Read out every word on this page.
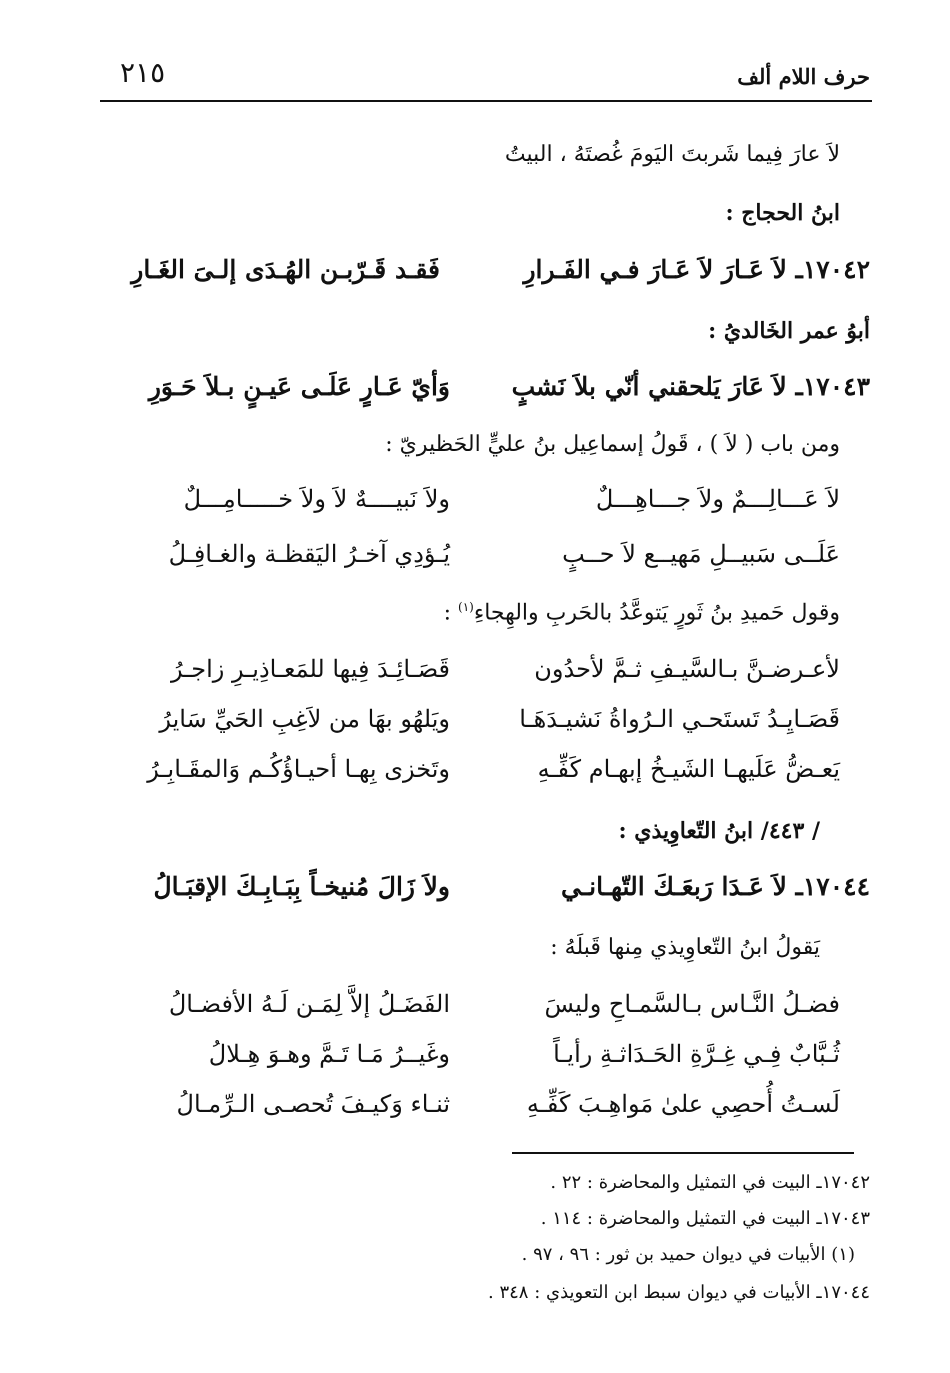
٢١٥	حرف اللام ألف
لاَ عارَ فِيما شَربتَ اليَومَ غُصتَهُ ، البيتُ
ابنُ الحجاج :
١٧٠٤٢ـ لاَ عَـارَ لاَ عَـارَ فـي الفَـرارِ
فَقـد قَـرّبـن الهُـدَى إلـىَ الغَـارِ
أبوُ عمر الخَالديُ :
١٧٠٤٣ـ لاَ عَارَ يَلحقني أنّي بلاَ نَشبٍ
وَأيّ عَـارٍ عَلَـى عَيـنٍ بـلاَ حَـوَرِ
ومن باب ( لاَ ) ، قَولُ إسماعِيل بنُ عليٍّ الحَظيريّ :
لاَ عَـــالِـــمٌ ولاَ جـــاهِـــلٌ
ولاَ نَبيــــهٌ لاَ ولاَ خـــــامِـــلٌ
عَلَــى سَبيــلِ مَهيــع لاَ حــبٍ
يُـؤدِي آخـرُ اليَقظـة والغـافِـلُ
وقول حَميدِ بنُ ثَورٍ يَتوعَّدُ بالحَربِ والهِجاءِ$^{(١)}$ :
لأعـرضـنَّ بـالسَّيـفِ ثـمَّ لأحدُون
قَصَـائِـدَ فِيها للمَعـاذِيـرِ زاجـرُ
قَصَـايِـدُ تَستَحـي الـرُواةُ نَشيـدَهَـا
ويَلهُو بهَا من لاَغِبِ الحَيِّ سَايرُ
يَعـضُّ عَلَيهـا الشَيـخُ إبهـام كَفِّـهِ
وتَخزى بِهـا أحيـاؤُكُـم وَالمقَـابِـرُ
/ ٤٤٣/ ابنُ التّعاوِيذي :
١٧٠٤٤ـ لاَ عَـدَا رَبعَـكَ التّهـانـي
ولاَ زَالَ مُنيخـاً بِبَـابِـكَ الإقبَـالُ
يَقولُ ابنُ التّعاوِيذي مِنها قَبلَهُ :
فضـلُ النَّـاس بـالسَّمـاحِ وليسَ
الفَضَـلُ إلاَّ لِمَـن لَـهُ الأفضـالُ
ثُـبَّابٌ فِـي غِـرَّةِ الحَـدَاثـةِ رأيـاً
وغَيــرُ مَـا تَـمَّ وهـوَ هِـلالُ
لَسـتُ أُحصِي علىٰ مَواهِـبَ كَفِّـهِ
ثنـاء وَكيـفَ تُحصـى الـرِّمـالُ
١٧٠٤٢ـ البيت في التمثيل والمحاضرة : ٢٢ .
١٧٠٤٣ـ البيت في التمثيل والمحاضرة : ١١٤ .
(١) الأبيات في ديوان حميد بن ثور : ٩٦ ، ٩٧ .
١٧٠٤٤ـ الأبيات في ديوان سبط ابن التعويذي : ٣٤٨ .
